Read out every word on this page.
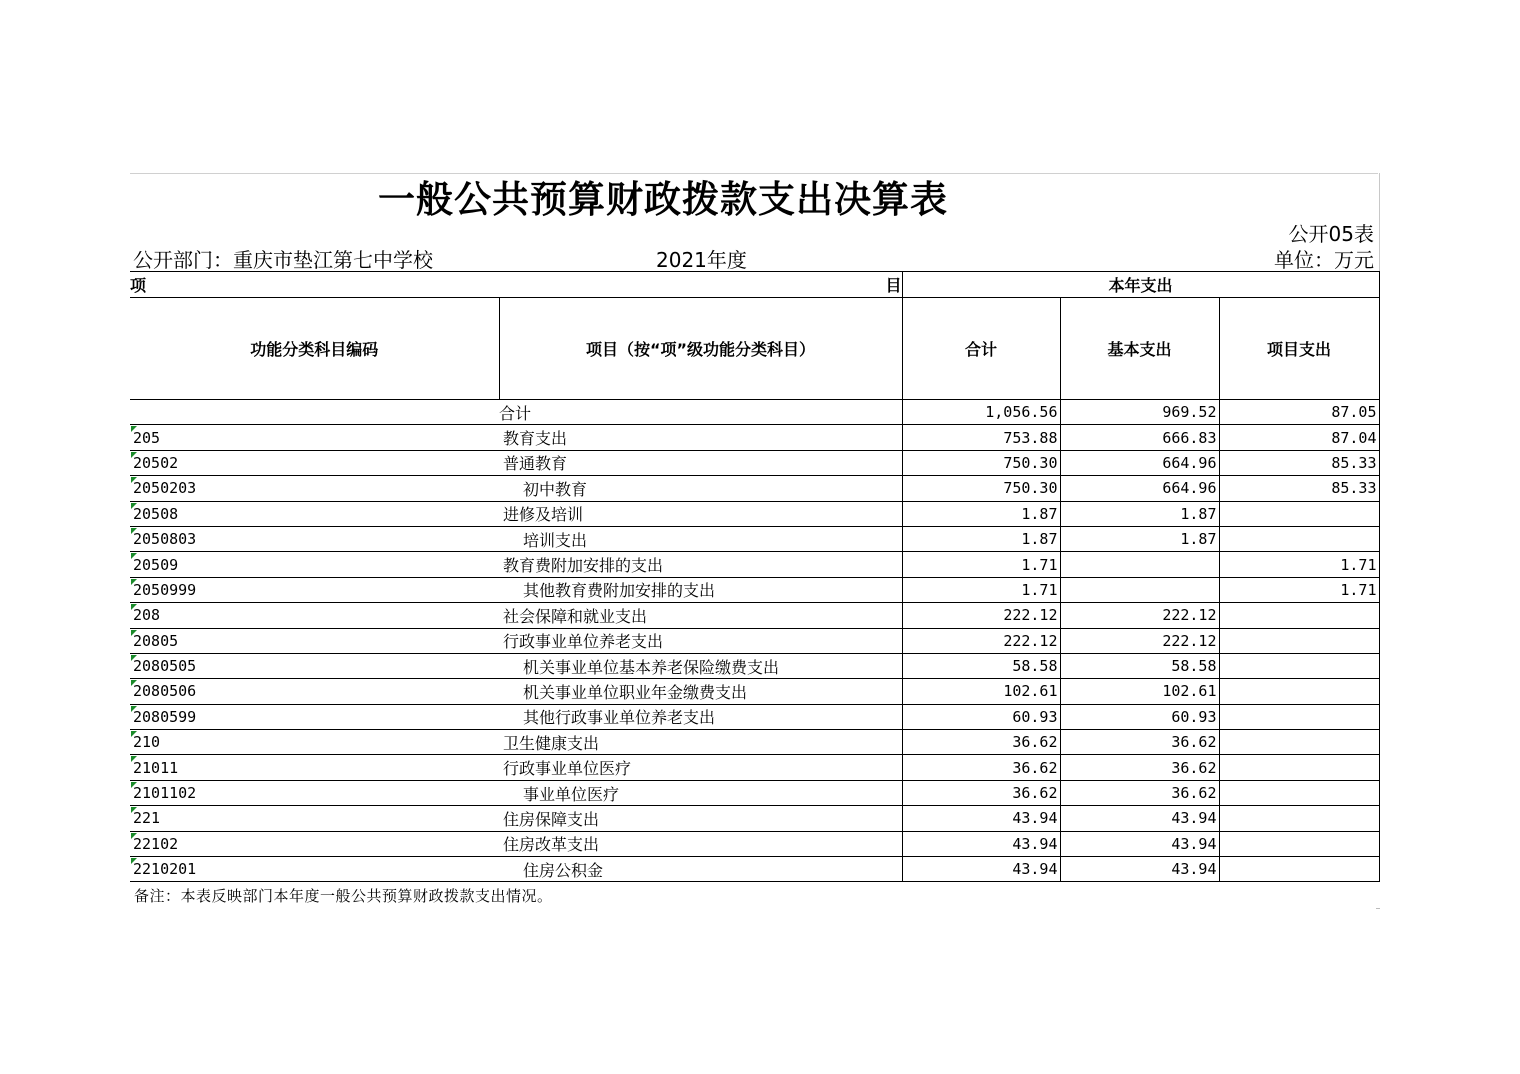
一般公共预算财政拨款支出决算表
公开05表
公开部门：重庆市垫江第七中学校	2021年度	单位：万元
项	目	本年支出		
功能分类科目编码	项目（按“项”级功能分类科目）	合计	基本支出	项目支出
	合计	1,056.56	969.52	87.05

205	教育支出	753.88	666.83	87.04

20502	普通教育	750.30	664.96	85.33

2050203	初中教育	750.30	664.96	85.33

20508	进修及培训	1.87	1.87	

2050803	培训支出	1.87	1.87	

20509	教育费附加安排的支出	1.71		1.71

2050999	其他教育费附加安排的支出	1.71		1.71

208	社会保障和就业支出	222.12	222.12	

20805	行政事业单位养老支出	222.12	222.12	

2080505	机关事业单位基本养老保险缴费支出	58.58	58.58	

2080506	机关事业单位职业年金缴费支出	102.61	102.61	

2080599	其他行政事业单位养老支出	60.93	60.93	

210	卫生健康支出	36.62	36.62	

21011	行政事业单位医疗	36.62	36.62	

2101102	事业单位医疗	36.62	36.62	

221	住房保障支出	43.94	43.94	

22102	住房改革支出	43.94	43.94	

2210201	住房公积金	43.94	43.94	
备注：本表反映部门本年度一般公共预算财政拨款支出情况。
